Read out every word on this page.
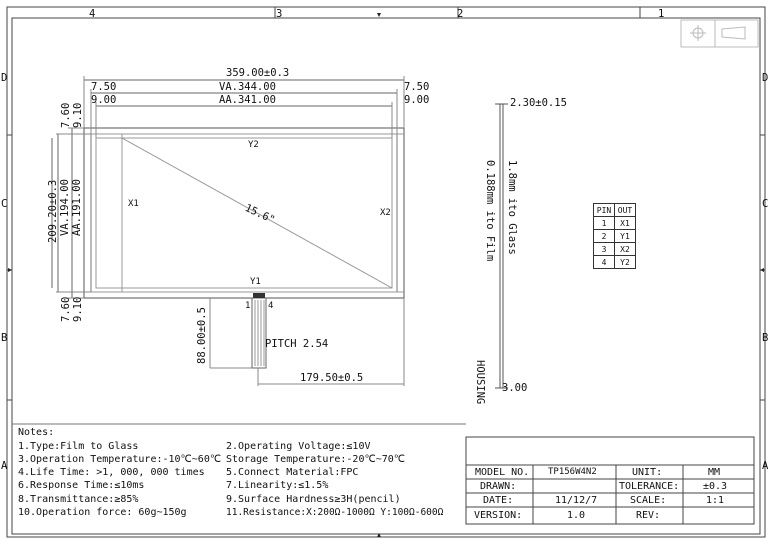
4	3	2	1
D
C
B
A
D
C
B
A
359.00±0.3
VA.344.00
AA.341.00
7.50
9.00
7.50
9.00
7.60 9.10
209.20±0.3 VA.194.00 AA.191.00
7.60 9.10
Y2
Y1
X1
X2
15.6"
1 4
PITCH 2.54
88.00±0.5
179.50±0.5
2.30±0.15
1.8mm ito Glass
0.188mm ito Film
HOUSING 3.00
PIN	OUT
1	X1
2	Y1
3	X2
4	Y2
Notes:
1.Type:Film to Glass
3.Operation Temperature:-10℃~60℃
4.Life Time: >1, 000, 000 times
6.Response Time:≤10ms
8.Transmittance:≥85%
10.Operation force: 60g~150g
2.Operating Voltage:≤10V
Storage Temperature:-20℃~70℃
5.Connect Material:FPC
7.Linearity:≤1.5%
9.Surface Hardness≥3H(pencil)
11.Resistance:X:200Ω-1000Ω Y:100Ω-600Ω
MODEL NO. TP156W4N2	UNIT:	MM
DRAWN:	TOLERANCE: ±0.3
DATE:	11/12/7	SCALE:	1:1
VERSION:	1.0	REV:
